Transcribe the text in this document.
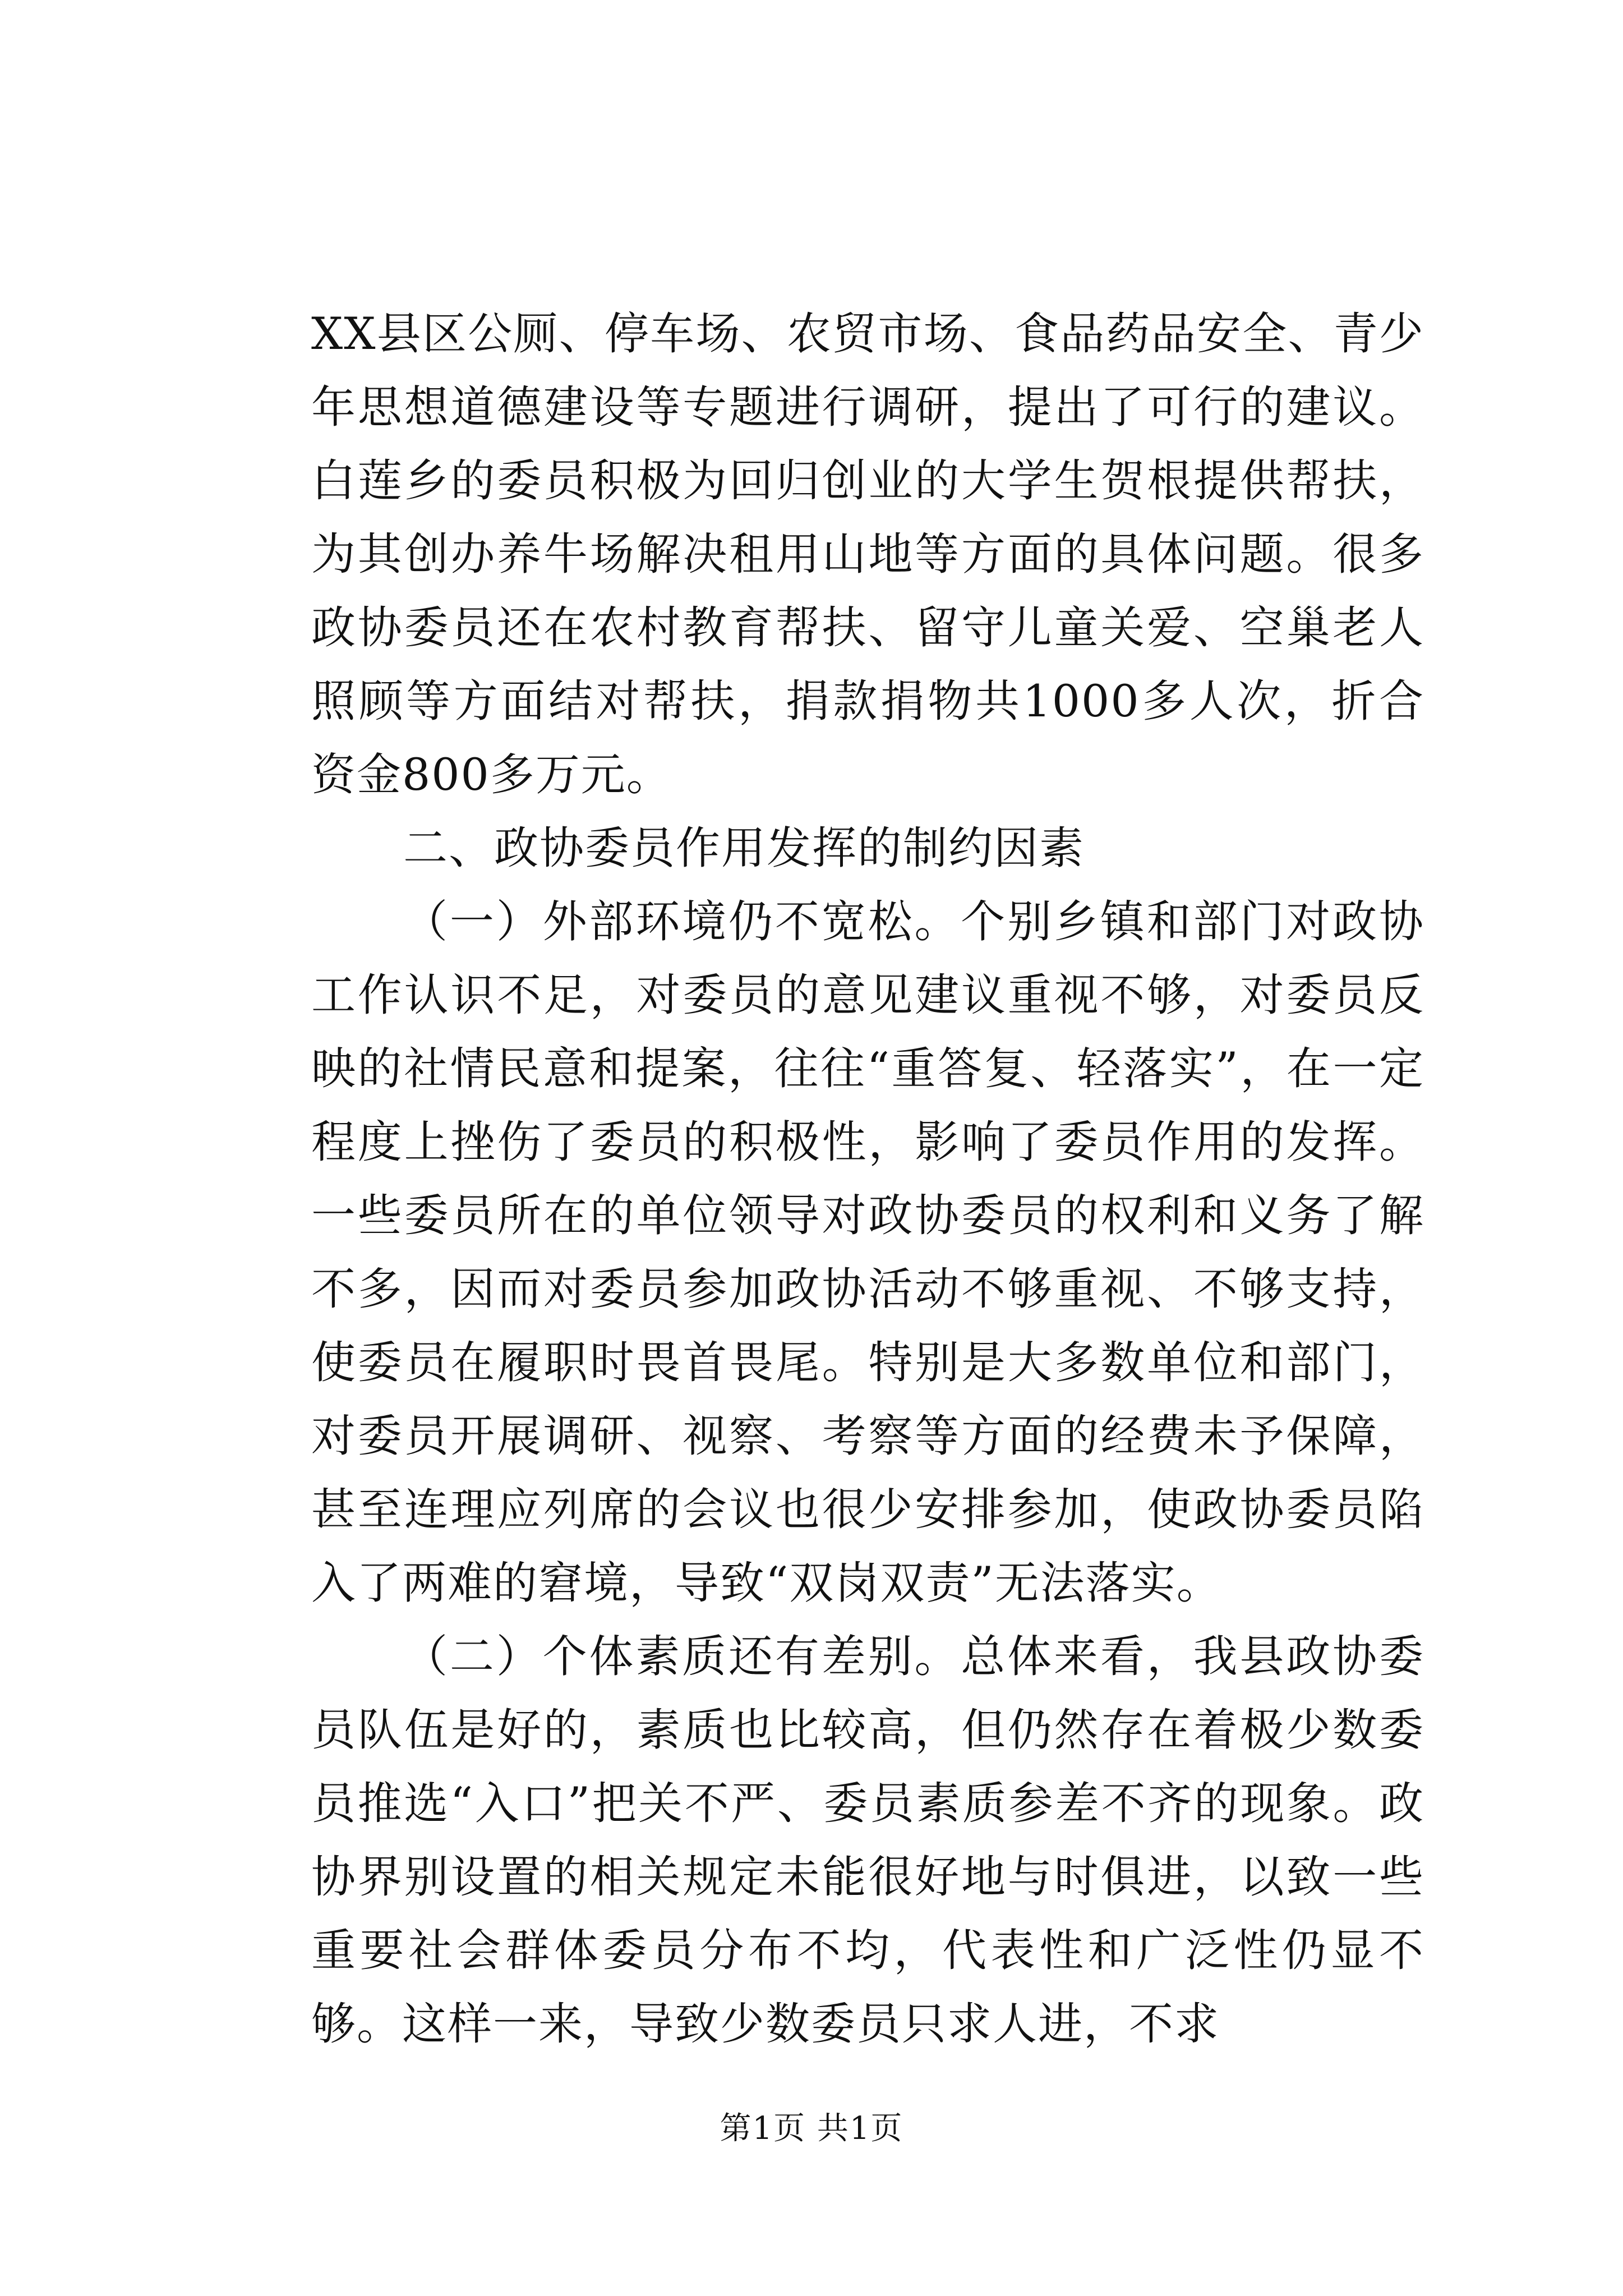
XX县区公厕、停车场、农贸市场、食品药品安全、青少年思想道德建设等专题进行调研，提出了可行的建议。白莲乡的委员积极为回归创业的大学生贺根提供帮扶，为其创办养牛场解决租用山地等方面的具体问题。很多政协委员还在农村教育帮扶、留守儿童关爱、空巢老人照顾等方面结对帮扶，捐款捐物共1000多人次，折合资金800多万元。

二、政协委员作用发挥的制约因素

（一）外部环境仍不宽松。个别乡镇和部门对政协工作认识不足，对委员的意见建议重视不够，对委员反映的社情民意和提案，往往“重答复、轻落实”，在一定程度上挫伤了委员的积极性，影响了委员作用的发挥。一些委员所在的单位领导对政协委员的权利和义务了解不多，因而对委员参加政协活动不够重视、不够支持，使委员在履职时畏首畏尾。特别是大多数单位和部门，对委员开展调研、视察、考察等方面的经费未予保障，甚至连理应列席的会议也很少安排参加，使政协委员陷入了两难的窘境，导致“双岗双责”无法落实。

（二）个体素质还有差别。总体来看，我县政协委员队伍是好的，素质也比较高，但仍然存在着极少数委员推选“入口”把关不严、委员素质参差不齐的现象。政协界别设置的相关规定未能很好地与时俱进，以致一些重要社会群体委员分布不均，代表性和广泛性仍显不够。这样一来，导致少数委员只求人进，不求

第1页 共1页
